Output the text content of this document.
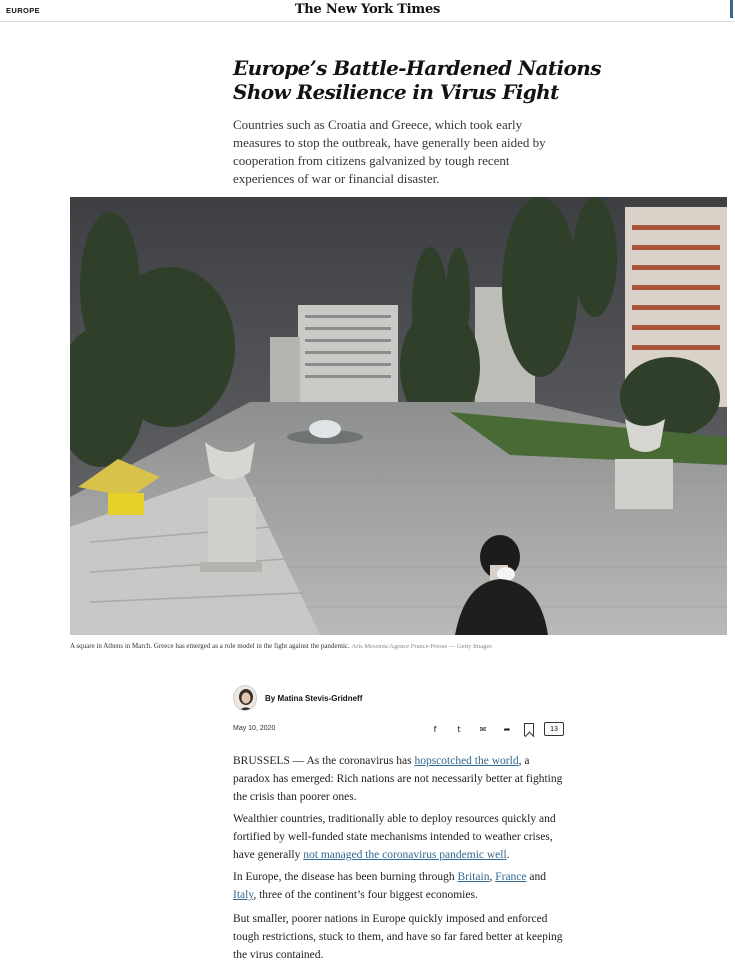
EUROPE	The New York Times
Europe’s Battle-Hardened Nations Show Resilience in Virus Fight

Countries such as Croatia and Greece, which took early measures to stop the outbreak, have generally been aided by cooperation from citizens galvanized by tough recent experiences of war or financial disaster.

A square in Athens in March. Greece has emerged as a role model in the fight against the pandemic. Aris Messinis/Agence France-Presse — Getty Images
By Matina Stevis-Gridneff
May 10, 2020	f	t	✉	➦	13

BRUSSELS — As the coronavirus has hopscotched the world, a paradox has emerged: Rich nations are not necessarily better at fighting the crisis than poorer ones.

Wealthier countries, traditionally able to deploy resources quickly and fortified by well-funded state mechanisms intended to weather crises, have generally not managed the coronavirus pandemic well.

In Europe, the disease has been burning through Britain, France and Italy, three of the continent’s four biggest economies.

But smaller, poorer nations in Europe quickly imposed and enforced tough restrictions, stuck to them, and have so far fared better at keeping the virus contained.
